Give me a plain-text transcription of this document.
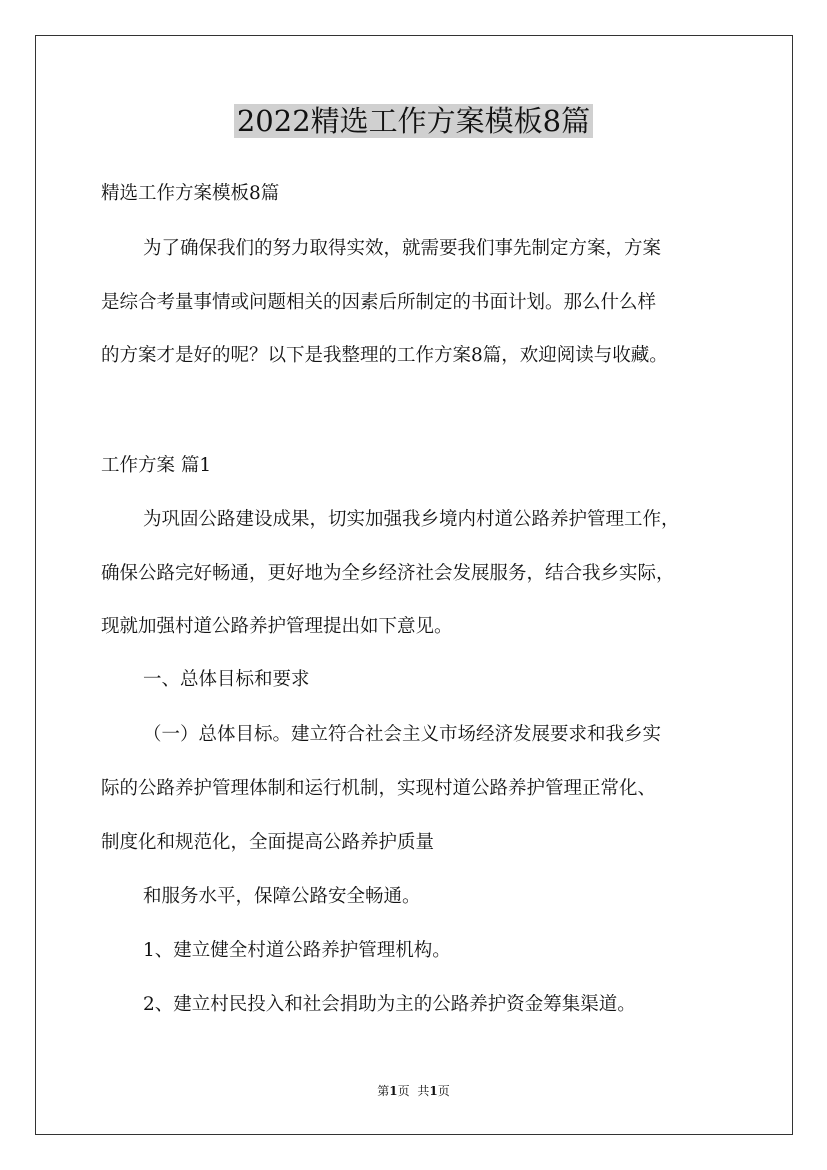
2022精选工作方案模板8篇

精选工作方案模板8篇

为了确保我们的努力取得实效，就需要我们事先制定方案，方案

是综合考量事情或问题相关的因素后所制定的书面计划。那么什么样

的方案才是好的呢？以下是我整理的工作方案8篇，欢迎阅读与收藏。

工作方案 篇1

为巩固公路建设成果，切实加强我乡境内村道公路养护管理工作，

确保公路完好畅通，更好地为全乡经济社会发展服务，结合我乡实际，

现就加强村道公路养护管理提出如下意见。

一、总体目标和要求

（一）总体目标。建立符合社会主义市场经济发展要求和我乡实

际的公路养护管理体制和运行机制，实现村道公路养护管理正常化、

制度化和规范化，全面提高公路养护质量

和服务水平，保障公路安全畅通。

1、建立健全村道公路养护管理机构。

2、建立村民投入和社会捐助为主的公路养护资金筹集渠道。

第1页 共1页
